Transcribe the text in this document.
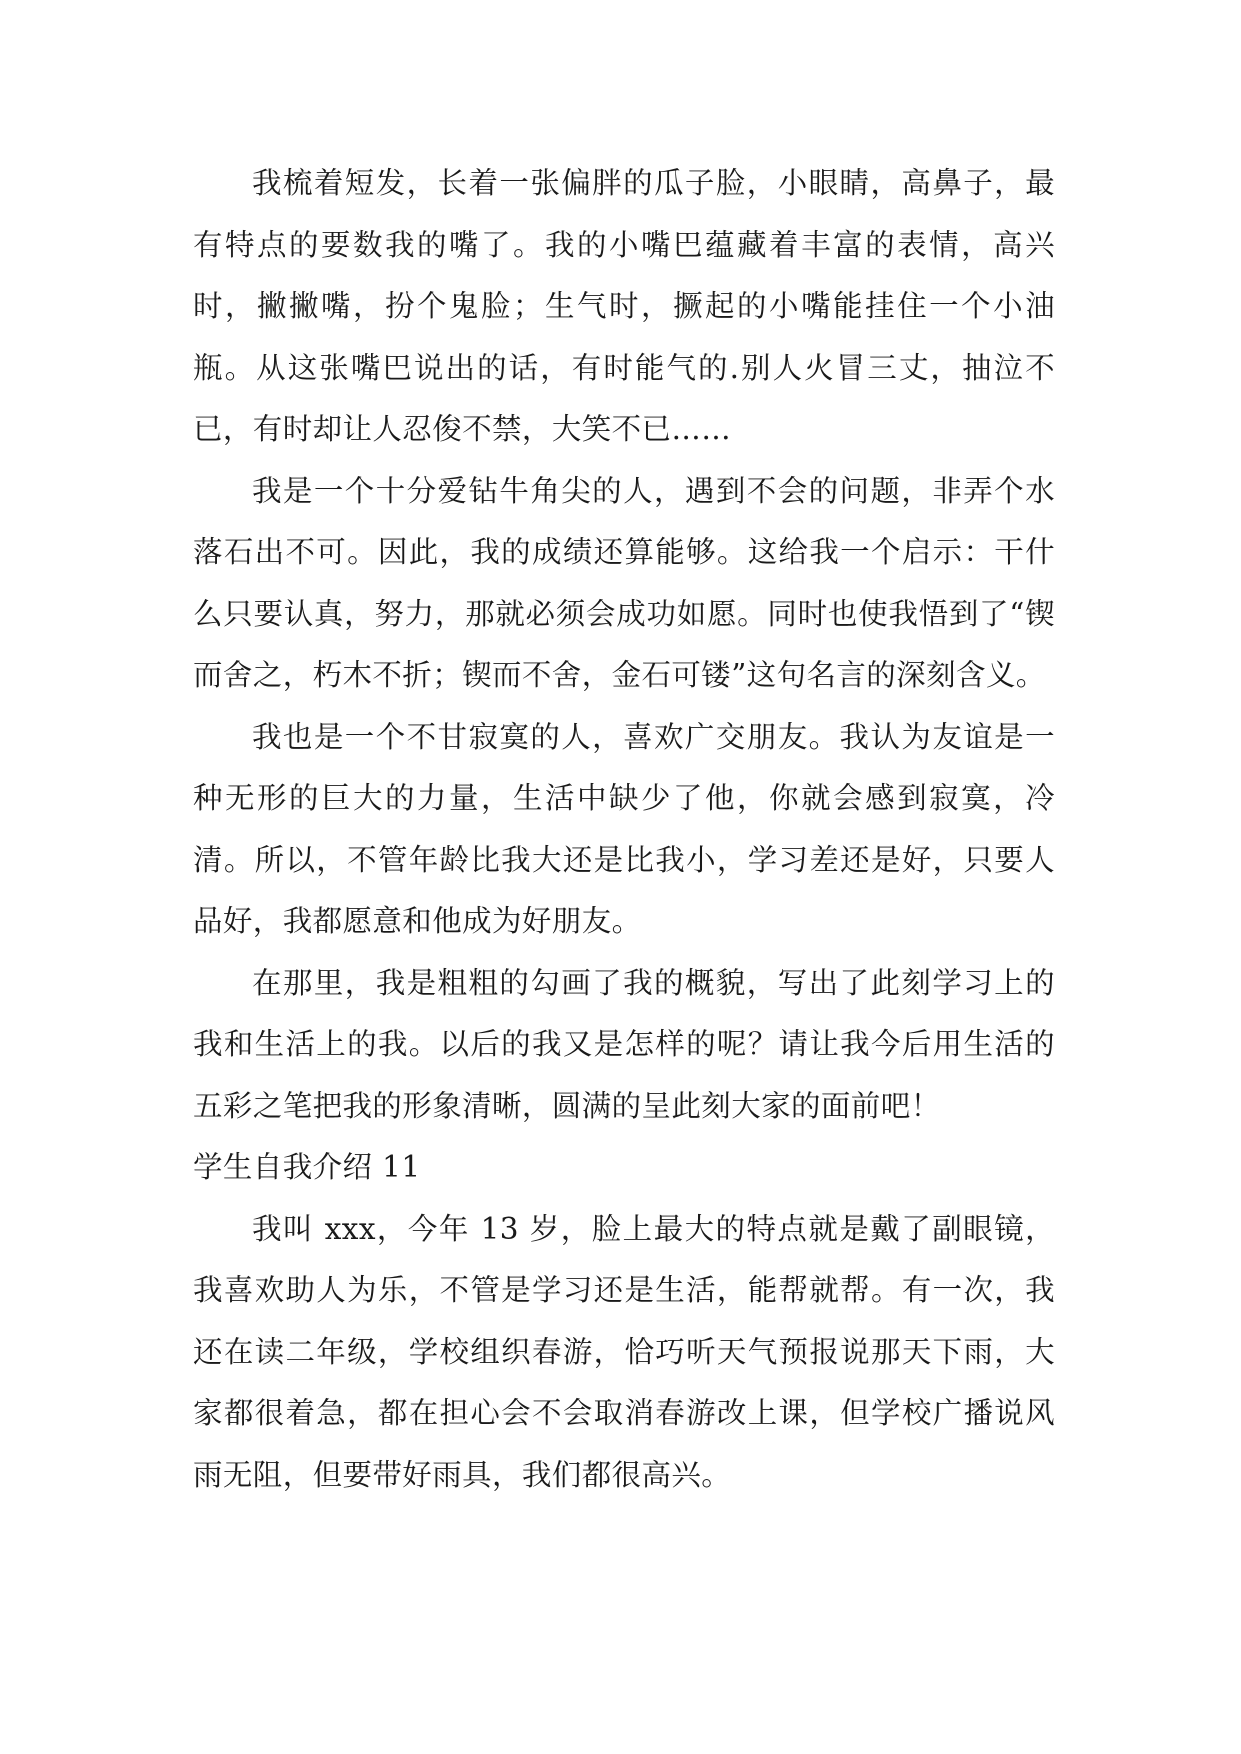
我梳着短发，长着一张偏胖的瓜子脸，小眼睛，高鼻子，最有特点的要数我的嘴了。我的小嘴巴蕴藏着丰富的表情，高兴时，撇撇嘴，扮个鬼脸；生气时，撅起的小嘴能挂住一个小油瓶。从这张嘴巴说出的话，有时能气的.别人火冒三丈，抽泣不已，有时却让人忍俊不禁，大笑不已……

我是一个十分爱钻牛角尖的人，遇到不会的问题，非弄个水落石出不可。因此，我的成绩还算能够。这给我一个启示：干什么只要认真，努力，那就必须会成功如愿。同时也使我悟到了“锲而舍之，朽木不折；锲而不舍，金石可镂”这句名言的深刻含义。

我也是一个不甘寂寞的人，喜欢广交朋友。我认为友谊是一种无形的巨大的力量，生活中缺少了他，你就会感到寂寞，冷清。所以，不管年龄比我大还是比我小，学习差还是好，只要人品好，我都愿意和他成为好朋友。

在那里，我是粗粗的勾画了我的概貌，写出了此刻学习上的我和生活上的我。以后的我又是怎样的呢？请让我今后用生活的五彩之笔把我的形象清晰，圆满的呈此刻大家的面前吧！

学生自我介绍 11

我叫 xxx，今年 13 岁，脸上最大的特点就是戴了副眼镜，我喜欢助人为乐，不管是学习还是生活，能帮就帮。有一次，我还在读二年级，学校组织春游，恰巧听天气预报说那天下雨，大家都很着急，都在担心会不会取消春游改上课，但学校广播说风雨无阻，但要带好雨具，我们都很高兴。
